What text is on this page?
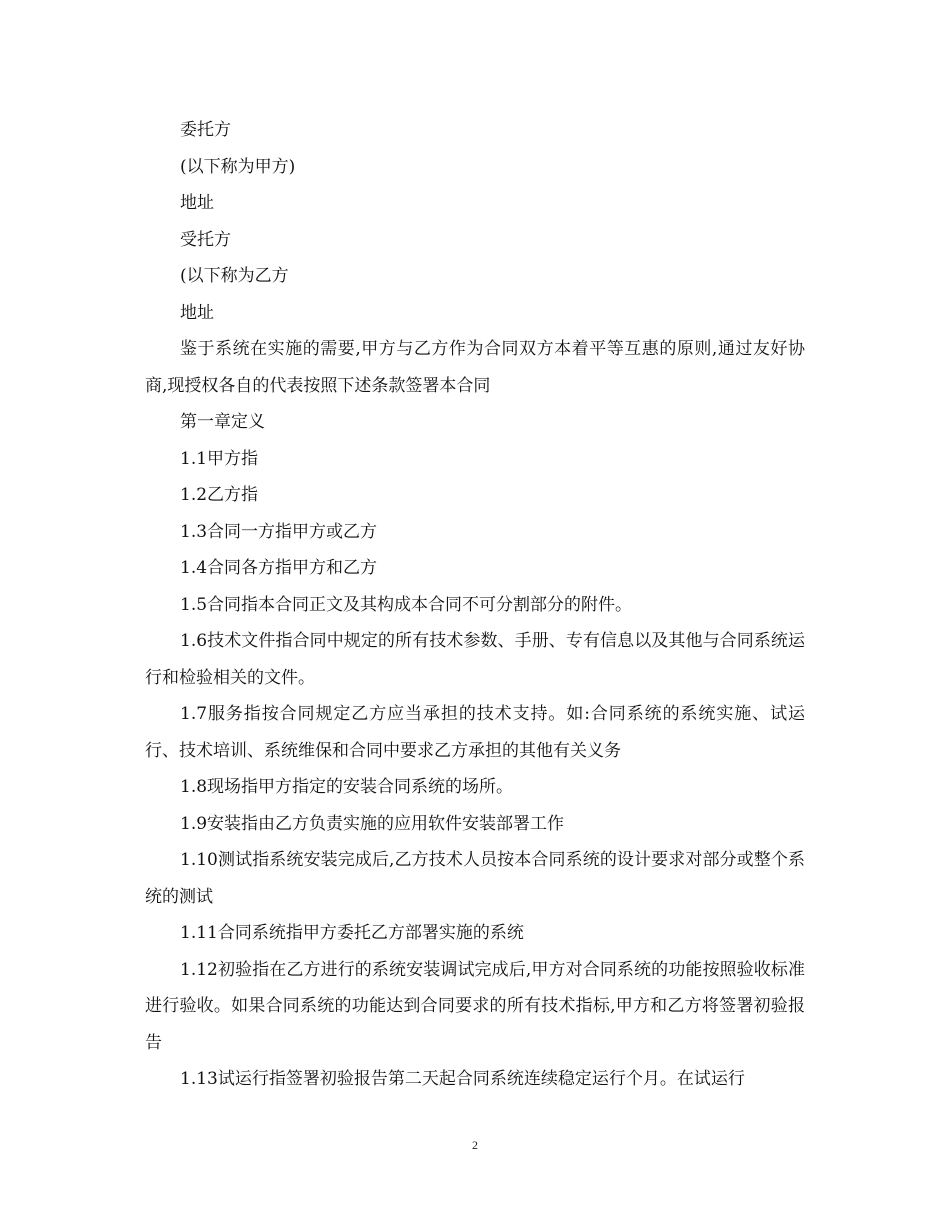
委托方

(以下称为甲方)

地址

受托方

(以下称为乙方

地址

鉴于系统在实施的需要,甲方与乙方作为合同双方本着平等互惠的原则,通过友好协商,现授权各自的代表按照下述条款签署本合同

第一章定义

1.1甲方指

1.2乙方指

1.3合同一方指甲方或乙方

1.4合同各方指甲方和乙方

1.5合同指本合同正文及其构成本合同不可分割部分的附件。

1.6技术文件指合同中规定的所有技术参数、手册、专有信息以及其他与合同系统运行和检验相关的文件。

1.7服务指按合同规定乙方应当承担的技术支持。如:合同系统的系统实施、试运行、技术培训、系统维保和合同中要求乙方承担的其他有关义务

1.8现场指甲方指定的安装合同系统的场所。

1.9安装指由乙方负责实施的应用软件安装部署工作

1.10测试指系统安装完成后,乙方技术人员按本合同系统的设计要求对部分或整个系统的测试

1.11合同系统指甲方委托乙方部署实施的系统

1.12初验指在乙方进行的系统安装调试完成后,甲方对合同系统的功能按照验收标准进行验收。如果合同系统的功能达到合同要求的所有技术指标,甲方和乙方将签署初验报告

1.13试运行指签署初验报告第二天起合同系统连续稳定运行个月。在试运行

2
